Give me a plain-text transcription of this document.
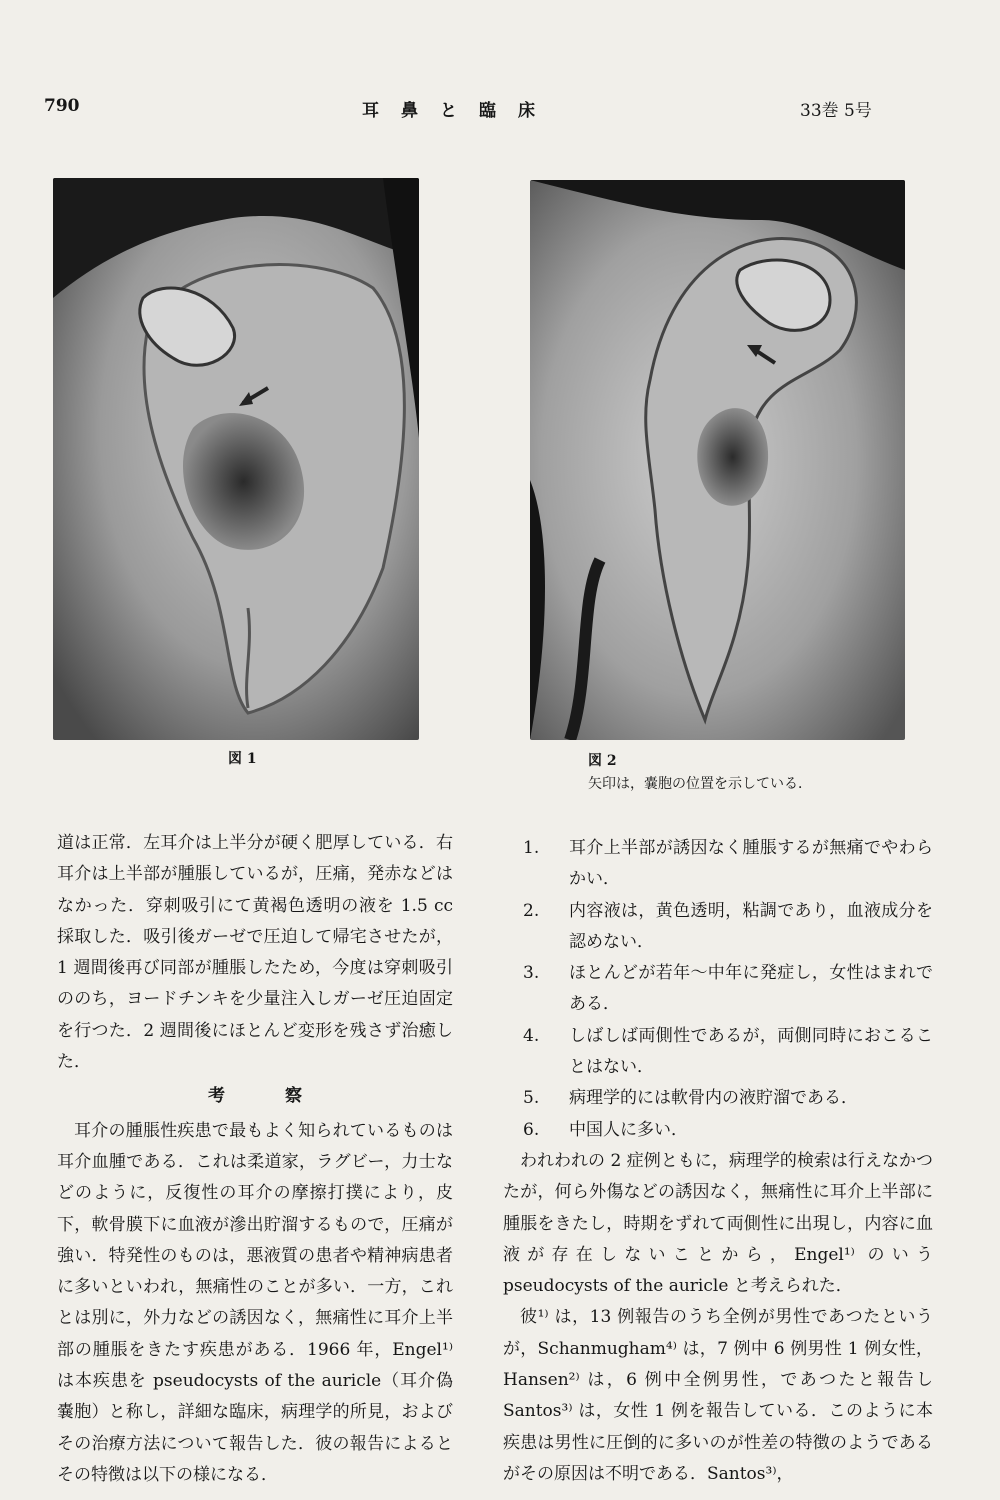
790	耳鼻と臨床	33巻 5号
図 1	図 2
矢印は，嚢胞の位置を示している．

道は正常．左耳介は上半分が硬く肥厚している．右耳介は上半部が腫脹しているが，圧痛，発赤などはなかった．穿刺吸引にて黄褐色透明の液を 1.5 cc 採取した．吸引後ガーゼで圧迫して帰宅させたが，1 週間後再び同部が腫脹したため，今度は穿刺吸引ののち，ヨードチンキを少量注入しガーゼ圧迫固定を行つた．2 週間後にほとんど変形を残さず治癒した．

考察

耳介の腫脹性疾患で最もよく知られているものは耳介血腫である．これは柔道家，ラグビー，力士などのように，反復性の耳介の摩擦打撲により，皮下，軟骨膜下に血液が滲出貯溜するもので，圧痛が強い．特発性のものは，悪液質の患者や精神病患者に多いといわれ，無痛性のことが多い．一方，これとは別に，外力などの誘因なく，無痛性に耳介上半部の腫脹をきたす疾患がある．1966 年，Engel¹⁾ は本疾患を pseudocysts of the auricle（耳介偽嚢胞）と称し，詳細な臨床，病理学的所見，およびその治療方法について報告した．彼の報告によるとその特徴は以下の様になる．

1.	耳介上半部が誘因なく腫脹するが無痛でやわらかい．
2.	内容液は，黄色透明，粘調であり，血液成分を認めない．
3.	ほとんどが若年〜中年に発症し，女性はまれである．
4.	しばしば両側性であるが，両側同時におこることはない．
5.	病理学的には軟骨内の液貯溜である．
6.	中国人に多い．

われわれの 2 症例ともに，病理学的検索は行えなかつたが，何ら外傷などの誘因なく，無痛性に耳介上半部に腫脹をきたし，時期をずれて両側性に出現し，内容に血液が存在しないことから，Engel¹⁾ のいう pseudocysts of the auricle と考えられた．

彼¹⁾ は，13 例報告のうち全例が男性であつたというが，Schanmugham⁴⁾ は，7 例中 6 例男性 1 例女性，Hansen²⁾ は，6 例中全例男性，であつたと報告し Santos³⁾ は，女性 1 例を報告している．このように本疾患は男性に圧倒的に多いのが性差の特徴のようであるがその原因は不明である．Santos³⁾，
